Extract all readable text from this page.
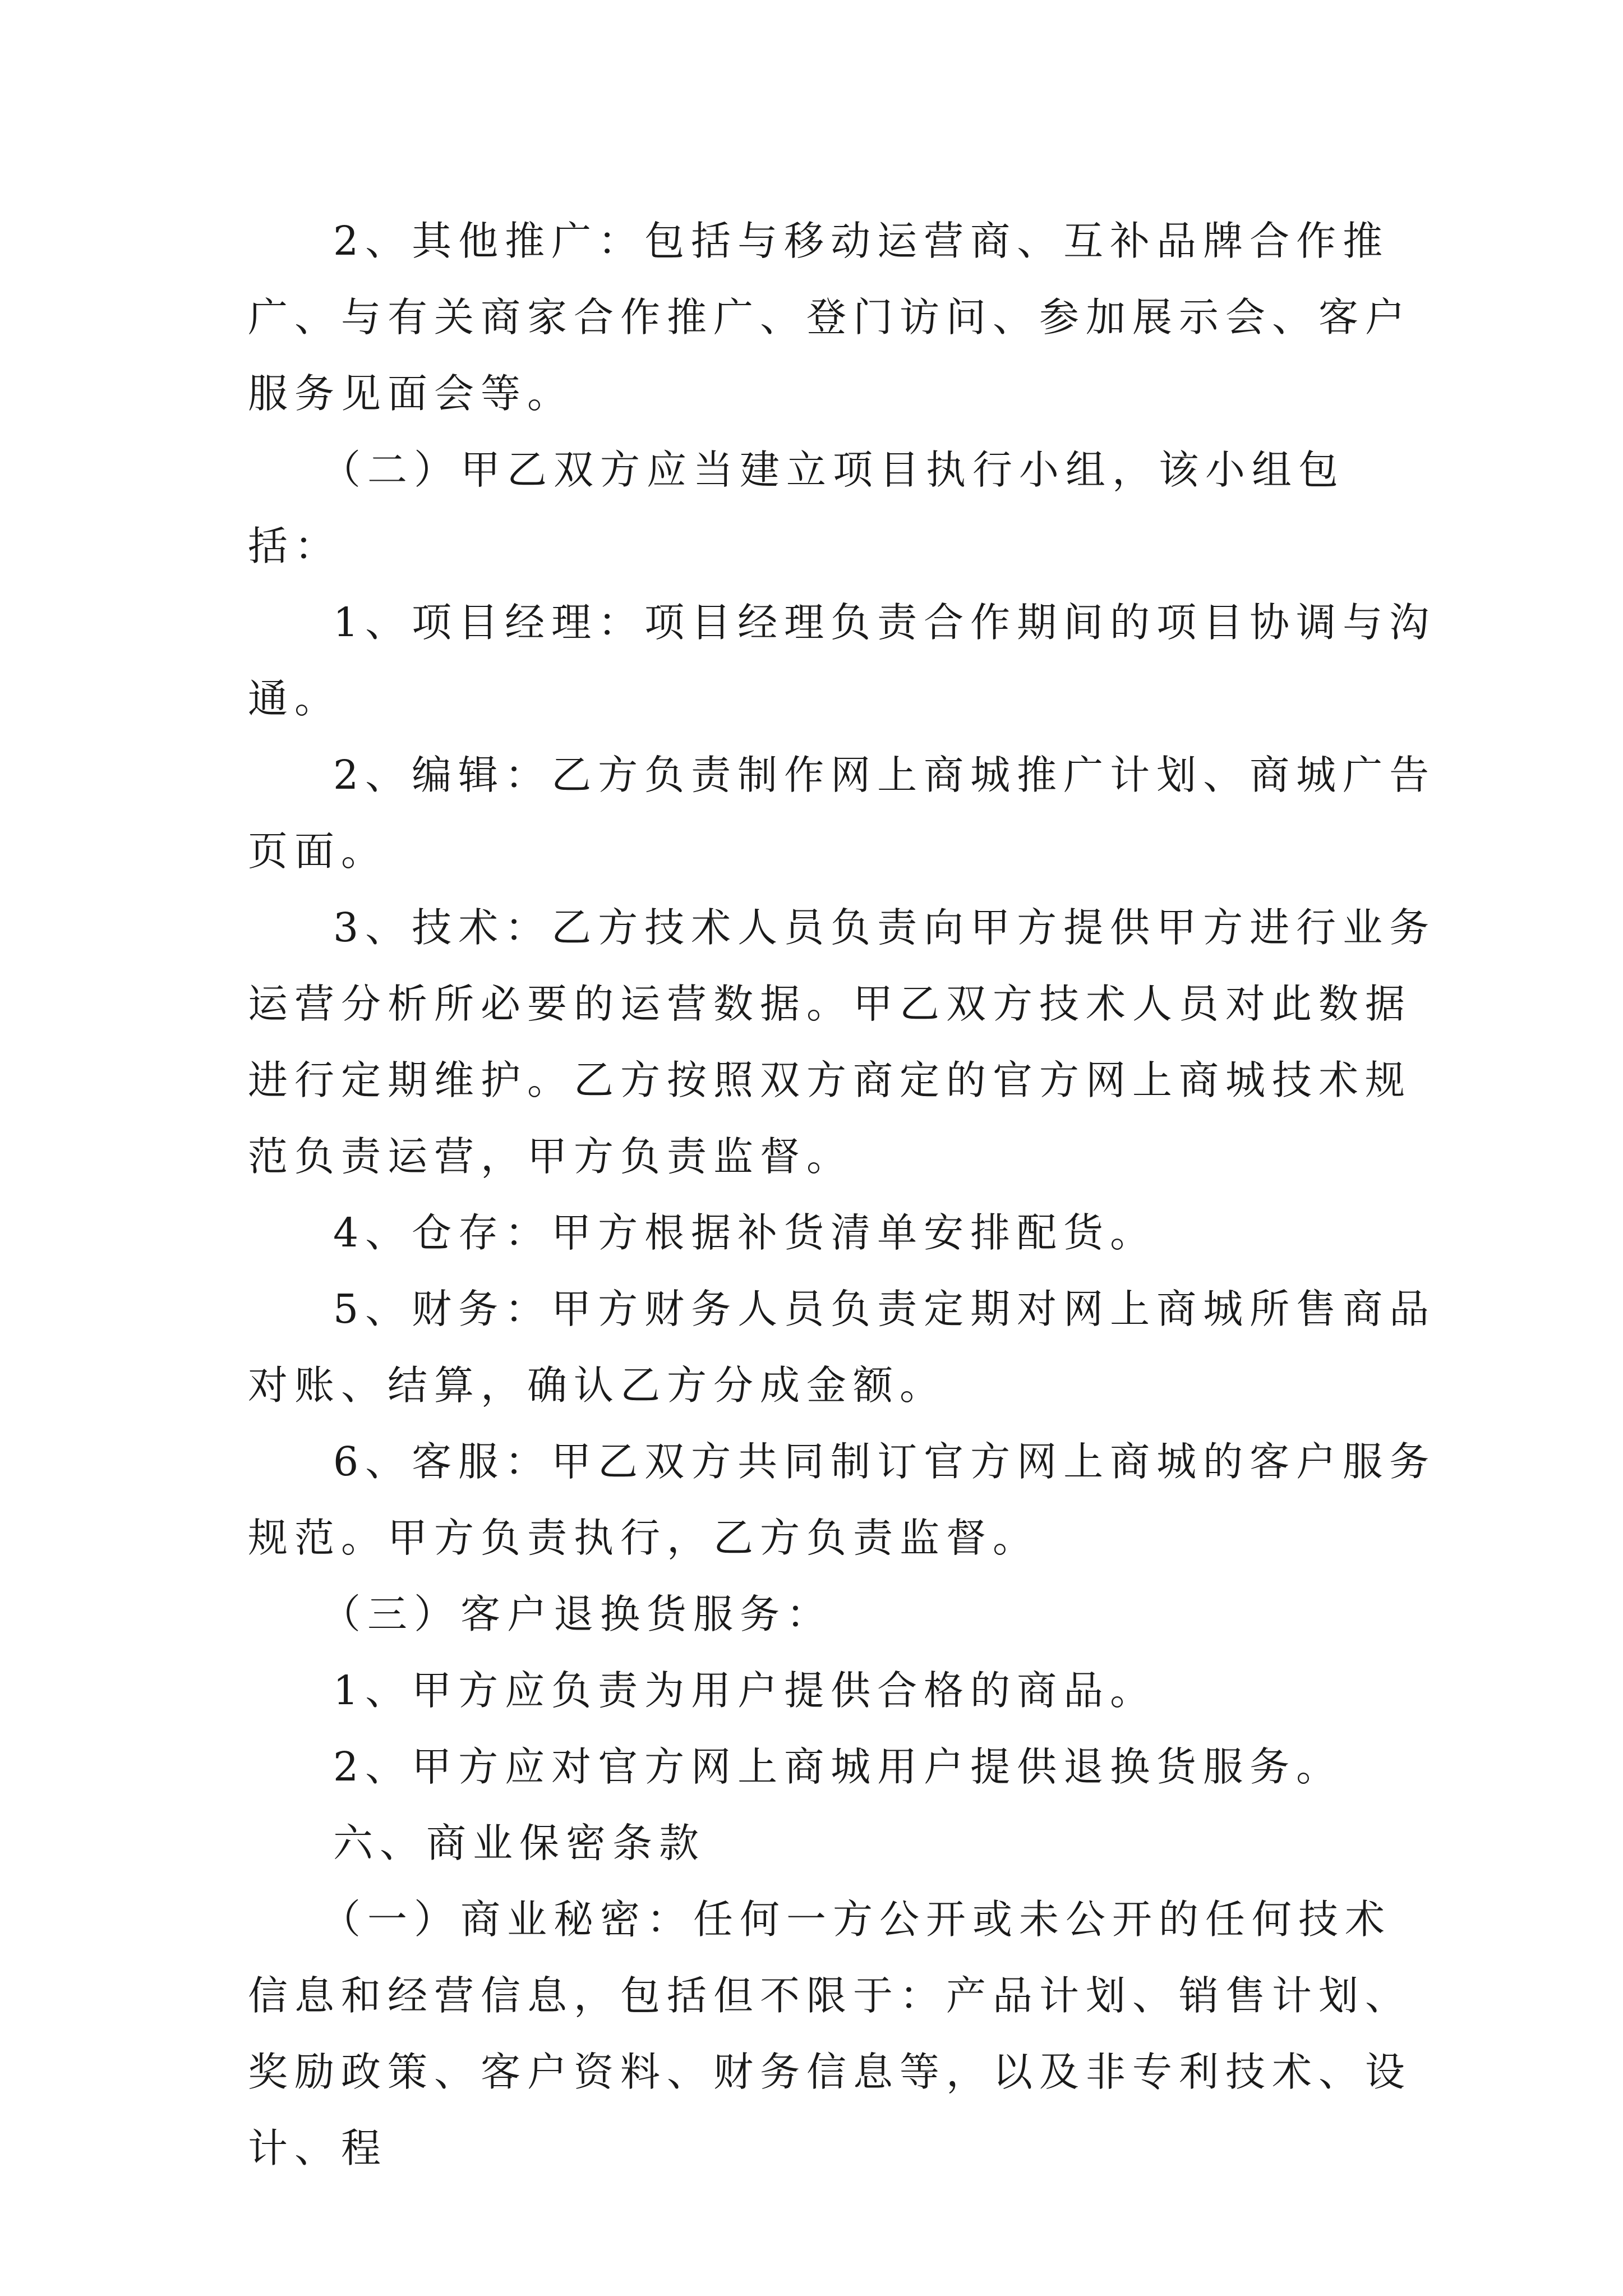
2、其他推广：包括与移动运营商、互补品牌合作推广、与有关商家合作推广、登门访问、参加展示会、客户服务见面会等。

（二）甲乙双方应当建立项目执行小组，该小组包括：

1、项目经理：项目经理负责合作期间的项目协调与沟通。

2、编辑：乙方负责制作网上商城推广计划、商城广告页面。

3、技术：乙方技术人员负责向甲方提供甲方进行业务运营分析所必要的运营数据。甲乙双方技术人员对此数据进行定期维护。乙方按照双方商定的官方网上商城技术规范负责运营，甲方负责监督。

4、仓存：甲方根据补货清单安排配货。

5、财务：甲方财务人员负责定期对网上商城所售商品对账、结算，确认乙方分成金额。

6、客服：甲乙双方共同制订官方网上商城的客户服务规范。甲方负责执行，乙方负责监督。

（三）客户退换货服务：

1、甲方应负责为用户提供合格的商品。

2、甲方应对官方网上商城用户提供退换货服务。

六、商业保密条款

（一）商业秘密：任何一方公开或未公开的任何技术信息和经营信息，包括但不限于：产品计划、销售计划、奖励政策、客户资料、财务信息等，以及非专利技术、设计、程
